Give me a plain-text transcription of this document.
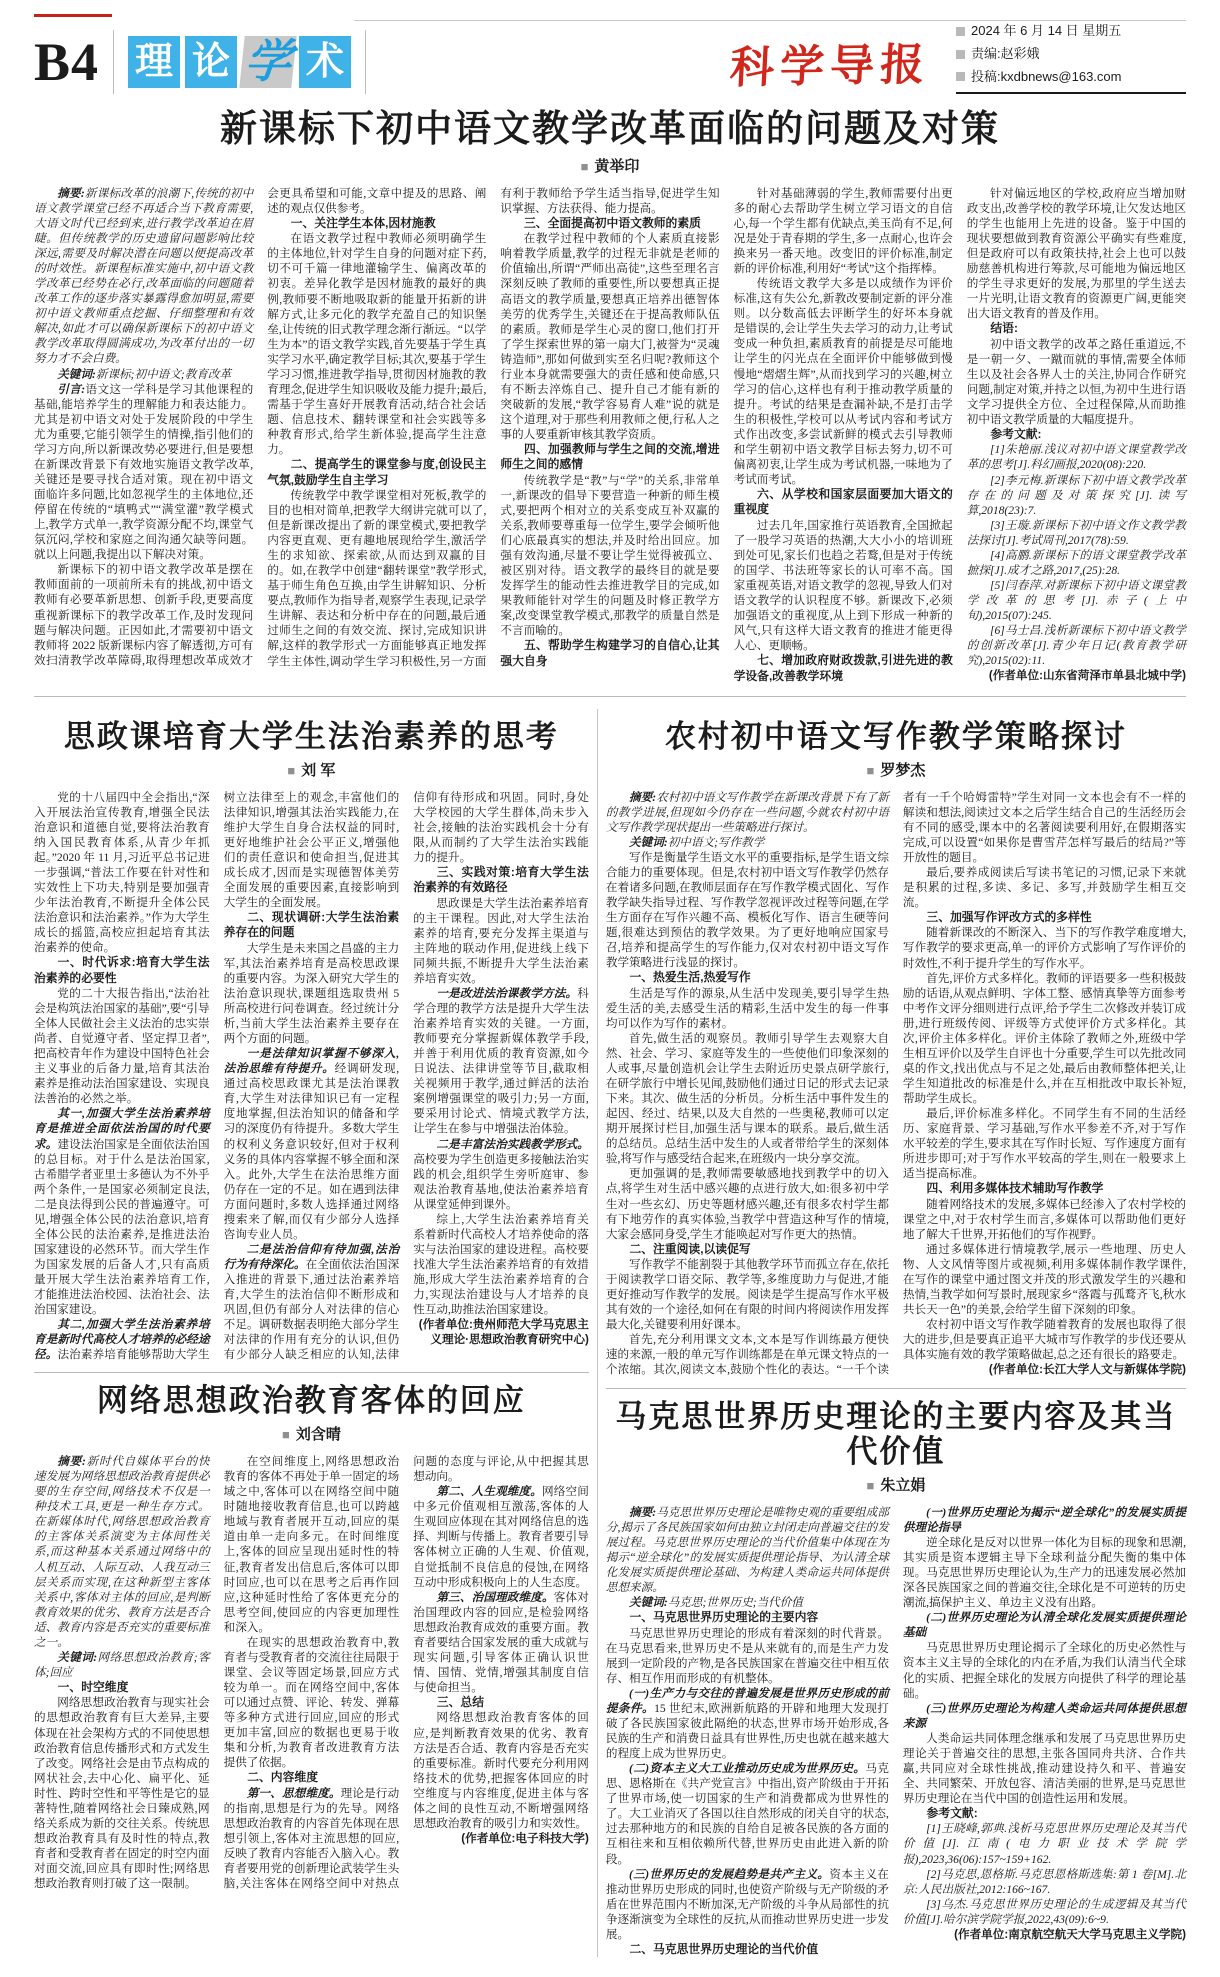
B4 理 论 学 术	科学导报
2024 年 6 月 14 日 星期五
责编:赵彩娥
投稿:kxdbnews@163.com
新课标下初中语文教学改革面临的问题及对策
■ 黄举印

摘要:新课标改革的浪潮下,传统的初中语文教学课堂已经不再适合当下教育需要,大语文时代已经到来,进行教学改革迫在眉睫。但传统教学的历史遗留问题影响比较深远,需要及时解决潜在问题以便提高改革的时效性。新课程标准实施中,初中语文教学改革已经势在必行,改革面临的问题随着改革工作的逐步落实暴露得愈加明显,需要初中语文教师重点挖掘、仔细整理和有效解决,如此才可以确保新课标下的初中语文教学改革取得圆满成功,为改革付出的一切努力才不会白费。

关键词:新课标;初中语文;教育改革

引言:语文这一学科是学习其他课程的基础,能培养学生的理解能力和表达能力。尤其是初中语文对处于发展阶段的中学生尤为重要,它能引领学生的情操,指引他们的学习方向,所以新课改势必要进行,但是要想在新课改背景下有效地实施语文教学改革,关键还是要寻找合适对策。现在初中语文面临许多问题,比如忽视学生的主体地位,还停留在传统的“填鸭式”“满堂灌”教学模式上,教学方式单一,教学资源分配不均,课堂气氛沉闷,学校和家庭之间沟通欠缺等问题。就以上问题,我提出以下解决对策。

新课标下的初中语文教学改革是摆在教师面前的一项前所未有的挑战,初中语文教师有必要革新思想、创新手段,更要高度重视新课标下的教学改革工作,及时发现问题与解决问题。正因如此,才需要初中语文教师将 2022 版新课标内容了解透彻,方可有效扫清教学改革障碍,取得理想改革成效才会更具希望和可能,文章中提及的思路、阐述的观点仅供参考。

一、关注学生本体,因材施教

在语文教学过程中教师必须明确学生的主体地位,针对学生自身的问题对症下药,切不可千篇一律地灌输学生、偏离改革的初衷。差异化教学是因材施教的最好的典例,教师要不断地吸取新的能量开拓新的讲解方式,让多元化的教学充盈自己的知识堡垒,让传统的旧式教学理念渐行渐远。“以学生为本”的语文教学实践,首先要基于学生真实学习水平,确定教学目标;其次,要基于学生学习习惯,推进教学指导,贯彻因材施教的教育理念,促进学生知识吸收及能力提升;最后,需基于学生喜好开展教育活动,结合社会话题、信息技术、翻转课堂和社会实践等多种教育形式,给学生新体验,提高学生注意力。

二、提高学生的课堂参与度,创设民主气氛,鼓励学生自主学习

传统教学中教学课堂相对死板,教学的目的也相对简单,把教学大纲讲完就可以了,但是新课改提出了新的课堂模式,要把教学内容更直观、更有趣地展现给学生,激活学生的求知欲、探索欲,从而达到双赢的目的。如,在教学中创建“翻转课堂”教学形式,基于师生角色互换,由学生讲解知识、分析要点,教师作为指导者,观察学生表现,记录学生讲解、表达和分析中存在的问题,最后通过师生之间的有效交流、探讨,完成知识讲解,这样的教学形式一方面能够真正地发挥学生主体性,调动学生学习积极性,另一方面有利于教师给予学生适当指导,促进学生知识掌握、方法获得、能力提高。

三、全面提高初中语文教师的素质

在教学过程中教师的个人素质直接影响着教学质量,教学的过程无非就是老师的价值输出,所谓“严师出高徒”,这些至理名言深刻反映了教师的重要性,所以要想真正提高语文的教学质量,要想真正培养出德智体美劳的优秀学生,关键还在于提高教师队伍的素质。教师是学生心灵的窗口,他们打开了学生探索世界的第一扇大门,被誉为“灵魂铸造师”,那如何做到实至名归呢?教师这个行业本身就需要强大的责任感和使命感,只有不断去淬炼自己、提升自己才能有新的突破新的发展,“教学容易育人难”说的就是这个道理,对于那些利用教师之便,行私人之事的人要重新审核其教学资质。

四、加强教师与学生之间的交流,增进师生之间的感情

传统教学是“教”与“学”的关系,非常单一,新课改的倡导下要营造一种新的师生模式,要把两个相对立的关系变成互补双赢的关系,教师要尊重每一位学生,要学会倾听他们心底最真实的想法,并及时给出回应。加强有效沟通,尽量不要让学生觉得被孤立、被区别对待。语文教学的最终目的就是要发挥学生的能动性去推进教学目的完成,如果教师能针对学生的问题及时修正教学方案,改变课堂教学模式,那教学的质量自然是不言而喻的。

五、帮助学生构建学习的自信心,让其强大自身

针对基础薄弱的学生,教师需要付出更多的耐心去帮助学生树立学习语文的自信心,每一个学生都有优缺点,美玉尚有不足,何况是处于青春期的学生,多一点耐心,也许会换来另一番天地。改变旧的评价标准,制定新的评价标准,利用好“考试”这个指挥棒。

传统语文教学大多是以成绩作为评价标准,这有失公允,新教改要制定新的评分准则。以分数高低去评断学生的好坏本身就是错误的,会让学生失去学习的动力,让考试变成一种负担,素质教育的前提是尽可能地让学生的闪光点在全面评价中能够做到慢慢地“熠熠生辉”,从而找到学习的兴趣,树立学习的信心,这样也有利于推动教学质量的提升。考试的结果是查漏补缺,不是打击学生的积极性,学校可以从考试内容和考试方式作出改变,多尝试新鲜的模式去引导教师和学生朝初中语文教学目标去努力,切不可偏离初衷,让学生成为考试机器,一味地为了考试而考试。

六、从学校和国家层面要加大语文的重视度

过去几年,国家推行英语教育,全国掀起了一股学习英语的热潮,大大小小的培训班到处可见,家长们也趋之若鹜,但是对于传统的国学、书法班等家长的认可率不高。国家重视英语,对语文教学的忽视,导致人们对语文教学的认识程度不够。新课改下,必须加强语文的重视度,从上到下形成一种新的风气,只有这样大语文教育的推进才能更得人心、更顺畅。

七、增加政府财政拨款,引进先进的教学设备,改善教学环境

针对偏远地区的学校,政府应当增加财政支出,改善学校的教学环境,让欠发达地区的学生也能用上先进的设备。鉴于中国的现状要想做到教育资源公平确实有些难度,但是政府可以有政策扶持,社会上也可以鼓励慈善机构进行筹款,尽可能地为偏远地区的学生寻求更好的发展,为那里的学生送去一片光明,让语文教育的资源更广阔,更能突出大语文教育的普及作用。

结语:

初中语文教学的改革之路任重道远,不是一朝一夕、一蹴而就的事情,需要全体师生以及社会各界人士的关注,协同合作研究问题,制定对策,并持之以恒,为初中生进行语文学习提供全方位、全过程保障,从而助推初中语文教学质量的大幅度提升。

参考文献:

[1]朱艳丽.浅议对初中语文课堂教学改革的思考[J].科幻画报,2020(08):220.

[2]李元梅.新课标下初中语文教学改革存在的问题及对策探究[J].读写算,2018(23):7.

[3]王璇.新课标下初中语文作文教学教法探讨[J].考试周刊,2017(78):59.

[4]高鹏.新课标下的语文课堂教学改革摭探[J].成才之路,2017,(25):28.

[5]闫春萍.对新课标下初中语文课堂教学改革的思考[J].赤子(上中旬),2015(07):245.

[6]马士昌.浅析新课标下初中语文教学的创新改革[J].青少年日记(教育教学研究),2015(02):11.

(作者单位:山东省菏泽市单县北城中学)

思政课培育大学生法治素养的思考
■ 刘 军

党的十八届四中全会指出,“深入开展法治宣传教育,增强全民法治意识和道德自觉,要将法治教育纳入国民教育体系,从青少年抓起。”2020 年 11 月,习近平总书记进一步强调,“普法工作要在针对性和实效性上下功夫,特别是要加强青少年法治教育,不断提升全体公民法治意识和法治素养。”作为大学生成长的摇篮,高校应担起培育其法治素养的使命。

一、时代诉求:培育大学生法治素养的必要性

党的二十大报告指出,“法治社会是构筑法治国家的基础”,要“引导全体人民做社会主义法治的忠实崇尚者、自觉遵守者、坚定捍卫者”,把高校青年作为建设中国特色社会主义事业的后备力量,培育其法治素养是推动法治国家建设、实现良法善治的必然之举。

其一,加强大学生法治素养培育是推进全面依法治国的时代要求。建设法治国家是全面依法治国的总目标。对于什么是法治国家,古希腊学者亚里士多德认为不外乎两个条件,一是国家必须制定良法,二是良法得到公民的普遍遵守。可见,增强全体公民的法治意识,培育全体公民的法治素养,是推进法治国家建设的必然环节。而大学生作为国家发展的后备人才,只有高质量开展大学生法治素养培育工作,才能推进法治校园、法治社会、法治国家建设。

其二,加强大学生法治素养培育是新时代高校人才培养的必经途径。法治素养培育能够帮助大学生树立法律至上的观念,丰富他们的法律知识,增强其法治实践能力,在维护大学生自身合法权益的同时,更好地维护社会公平正义,增强他们的责任意识和使命担当,促进其成长成才,因而是实现德智体美劳全面发展的重要因素,直接影响到大学生的全面发展。

二、现状调研:大学生法治素养存在的问题

大学生是未来国之昌盛的主力军,其法治素养培育是高校思政课的重要内容。为深入研究大学生的法治意识现状,课题组选取贵州 5 所高校进行问卷调查。经过统计分析,当前大学生法治素养主要存在两个方面的问题。

一是法律知识掌握不够深入,法治思维有待提升。经调研发现,通过高校思政课尤其是法治课教育,大学生对法律知识已有一定程度地掌握,但法治知识的储备和学习的深度仍有待提升。多数大学生的权利义务意识较好,但对于权利义务的具体内容掌握不够全面和深入。此外,大学生在法治思维方面仍存在一定的不足。如在遇到法律方面问题时,多数人选择通过网络搜索来了解,而仅有少部分人选择咨询专业人员。

二是法治信仰有待加强,法治行为有待深化。在全面依法治国深入推进的背景下,通过法治素养培育,大学生的法治信仰不断形成和巩固,但仍有部分人对法律的信心不足。调研数据表明绝大部分学生对法律的作用有充分的认识,但仍有少部分人缺乏相应的认知,法律信仰有待形成和巩固。同时,身处大学校园的大学生群体,尚未步入社会,接触的法治实践机会十分有限,从而制约了大学生法治实践能力的提升。

三、实践对策:培育大学生法治素养的有效路径

思政课是大学生法治素养培育的主干课程。因此,对大学生法治素养的培育,要充分发挥主渠道与主阵地的联动作用,促进线上线下同频共振,不断提升大学生法治素养培育实效。

一是改进法治课教学方法。科学合理的教学方法是提升大学生法治素养培育实效的关键。一方面,教师要充分掌握新媒体教学手段,并善于利用优质的教育资源,如今日说法、法律讲堂等节目,截取相关视频用于教学,通过鲜活的法治案例增强课堂的吸引力;另一方面,要采用讨论式、情境式教学方法,让学生在参与中增强法治体验。

二是丰富法治实践教学形式。高校要为学生创造更多接触法治实践的机会,组织学生旁听庭审、参观法治教育基地,使法治素养培育从课堂延伸到课外。

综上,大学生法治素养培育关系着新时代高校人才培养使命的落实与法治国家的建设进程。高校要找准大学生法治素养培育的有效措施,形成大学生法治素养培育的合力,实现法治建设与人才培养的良性互动,助推法治国家建设。

(作者单位:贵州师范大学马克思主义理论·思想政治教育研究中心)

网络思想政治教育客体的回应
■ 刘含晴

摘要:新时代自媒体平台的快速发展为网络思想政治教育提供必要的生存空间,网络技术不仅是一种技术工具,更是一种生存方式。在新媒体时代,网络思想政治教育的主客体关系演变为主体间性关系,而这种基本关系通过网络中的人机互动、人际互动、人我互动三层关系而实现,在这种新型主客体关系中,客体对主体的回应,是判断教育效果的优劣、教育方法是否合适、教育内容是否充实的重要标准之一。

关键词:网络思想政治教育;客体;回应

一、时空维度

网络思想政治教育与现实社会的思想政治教育有巨大差异,主要体现在社会架构方式的不同使思想政治教育信息传播形式和方式发生了改变。网络社会是由节点构成的网状社会,去中心化、扁平化、延时性、跨时空性和平等性是它的显著特性,随着网络社会日臻成熟,网络关系成为新的交往关系。传统思想政治教育具有及时性的特点,教育者和受教育者在固定的时空内面对面交流,回应具有即时性;网络思想政治教育则打破了这一限制。

在空间维度上,网络思想政治教育的客体不再处于单一固定的场域之中,客体可以在网络空间中随时随地接收教育信息,也可以跨越地域与教育者展开互动,回应的渠道由单一走向多元。在时间维度上,客体的回应呈现出延时性的特征,教育者发出信息后,客体可以即时回应,也可以在思考之后再作回应,这种延时性给了客体更充分的思考空间,使回应的内容更加理性和深入。

在现实的思想政治教育中,教育者与受教育者的交流往往局限于课堂、会议等固定场景,回应方式较为单一。而在网络空间中,客体可以通过点赞、评论、转发、弹幕等多种方式进行回应,回应的形式更加丰富,回应的数据也更易于收集和分析,为教育者改进教育方法提供了依据。

二、内容维度

第一、思想维度。理论是行动的指南,思想是行为的先导。网络思想政治教育的内容首先体现在思想引领上,客体对主流思想的回应,反映了教育内容能否入脑入心。教育者要用党的创新理论武装学生头脑,关注客体在网络空间中对热点问题的态度与评论,从中把握其思想动向。

第二、人生观维度。网络空间中多元价值观相互激荡,客体的人生观回应体现在其对网络信息的选择、判断与传播上。教育者要引导客体树立正确的人生观、价值观,自觉抵制不良信息的侵蚀,在网络互动中形成积极向上的人生态度。

第三、治国理政维度。客体对治国理政内容的回应,是检验网络思想政治教育成效的重要方面。教育者要结合国家发展的重大成就与现实问题,引导客体正确认识世情、国情、党情,增强其制度自信与使命担当。

三、总结

网络思想政治教育客体的回应,是判断教育效果的优劣、教育方法是否合适、教育内容是否充实的重要标准。新时代要充分利用网络技术的优势,把握客体回应的时空维度与内容维度,促进主体与客体之间的良性互动,不断增强网络思想政治教育的吸引力和实效性。

(作者单位:电子科技大学)

农村初中语文写作教学策略探讨
■ 罗梦杰

摘要:农村初中语文写作教学在新课改背景下有了新的教学进展,但现如今仍存在一些问题,今就农村初中语文写作教学现状提出一些策略进行探讨。

关键词:初中语文;写作教学

写作是衡量学生语文水平的重要指标,是学生语文综合能力的重要体现。但是,农村初中语文写作教学仍然存在着诸多问题,在教师层面存在写作教学模式固化、写作教学缺失指导过程、写作教学忽视评改过程等问题,在学生方面存在写作兴趣不高、模板化写作、语言生硬等问题,很难达到预估的教学效果。为了更好地响应国家号召,培养和提高学生的写作能力,仅对农村初中语文写作教学策略进行浅显的探讨。

一、热爱生活,热爱写作

生活是写作的源泉,从生活中发现美,要引导学生热爱生活的美,去感受生活的精彩,生活中发生的每一件事均可以作为写作的素材。

首先,做生活的观察员。教师引导学生去观察大自然、社会、学习、家庭等发生的一些使他们印象深刻的人或事,尽量创造机会让学生去附近历史景点研学旅行,在研学旅行中增长见闻,鼓励他们通过日记的形式去记录下来。其次、做生活的分析员。分析生活中事件发生的起因、经过、结果,以及大自然的一些奥秘,教师可以定期开展探讨栏目,加强生活与课本的联系。最后,做生活的总结员。总结生活中发生的人或者带给学生的深刻体验,将写作与感受结合起来,在班级内一块分享交流。

更加强调的是,教师需要敏感地找到教学中的切入点,将学生对生活中感兴趣的点进行放大,如:很多初中学生对一些玄幻、历史等题材感兴趣,还有很多农村学生都有下地劳作的真实体验,当教学中营造这种写作的情境,大家会感同身受,学生才能唤起对写作更大的热情。

二、注重阅读,以读促写

写作教学不能割裂于其他教学环节而孤立存在,依托于阅读教学口语交际、教学等,多维度助力与促进,才能更好推动写作教学的发展。阅读是学生提高写作水平极其有效的一个途径,如何在有限的时间内将阅读作用发挥最大化,关键要利用好课本。

首先,充分利用课文文本,文本是写作训练最方便快速的来源,一般的单元写作训练都是在单元课文特点的一个浓缩。其次,阅读文本,鼓励个性化的表达。“一千个读者有一千个哈姆雷特”学生对同一文本也会有不一样的解读和想法,阅读过文本之后学生结合自己的生活经历会有不同的感受,课本中的名著阅读要利用好,在假期落实完成,可以设置“如果你是曹雪芹怎样写最后的结局?”等开放性的题目。

最后,要养成阅读后写读书笔记的习惯,记录下来就是积累的过程,多读、多记、多写,并鼓励学生相互交流。

三、加强写作评改方式的多样性

随着新课改的不断深入、当下的写作教学难度增大,写作教学的要求更高,单一的评价方式影响了写作评价的时效性,不利于提升学生的写作水平。

首先,评价方式多样化。教师的评语要多一些积极鼓励的话语,从观点鲜明、字体工整、感情真挚等方面参考中考作文评分细则进行点评,给予学生二次修改并装订成册,进行班级传阅、评级等方式使评价方式多样化。其次,评价主体多样化。评价主体除了教师之外,班级中学生相互评价以及学生自评也十分重要,学生可以先批改同桌的作文,找出优点与不足之处,最后由教师整体把关,让学生知道批改的标准是什么,并在互相批改中取长补短,帮助学生成长。

最后,评价标准多样化。不同学生有不同的生活经历、家庭背景、学习基础,写作水平参差不齐,对于写作水平较差的学生,要求其在写作时长短、写作速度方面有所进步即可;对于写作水平较高的学生,则在一般要求上适当提高标准。

四、利用多媒体技术辅助写作教学

随着网络技术的发展,多媒体已经渗入了农村学校的课堂之中,对于农村学生而言,多媒体可以帮助他们更好地了解大千世界,开拓他们的写作视野。

通过多媒体进行情境教学,展示一些地理、历史人物、人文风情等图片或视频,利用多媒体制作教学课件,在写作的课堂中通过图文并茂的形式激发学生的兴趣和热情,当教学如何写景时,展现家乡“落霞与孤鹜齐飞,秋水共长天一色”的美景,会给学生留下深刻的印象。

农村初中语文写作教学随着教育的发展也取得了很大的进步,但是要真正追平大城市写作教学的步伐还要从具体实施有效的教学策略做起,总之还有很长的路要走。

(作者单位:长江大学人文与新媒体学院)

马克思世界历史理论的主要内容及其当代价值
■ 朱立娟

摘要:马克思世界历史理论是唯物史观的重要组成部分,揭示了各民族国家如何由独立封闭走向普遍交往的发展过程。马克思世界历史理论的当代价值集中体现在为揭示“逆全球化”的发展实质提供理论指导、为认清全球化发展实质提供理论基础、为构建人类命运共同体提供思想来源。

关键词:马克思;世界历史;当代价值

一、马克思世界历史理论的主要内容

马克思世界历史理论的形成有着深刻的时代背景。在马克思看来,世界历史不是从来就有的,而是生产力发展到一定阶段的产物,是各民族国家在普遍交往中相互依存、相互作用而形成的有机整体。

(一)生产力与交往的普遍发展是世界历史形成的前提条件。15 世纪末,欧洲新航路的开辟和地理大发现打破了各民族国家彼此隔绝的状态,世界市场开始形成,各民族的生产和消费日益具有世界性,历史也就在越来越大的程度上成为世界历史。

(二)资本主义大工业推动历史成为世界历史。马克思、恩格斯在《共产党宣言》中指出,资产阶级由于开拓了世界市场,使一切国家的生产和消费都成为世界性的了。大工业消灭了各国以往自然形成的闭关自守的状态,过去那种地方的和民族的自给自足被各民族的各方面的互相往来和互相依赖所代替,世界历史由此进入新的阶段。

(三)世界历史的发展趋势是共产主义。资本主义在推动世界历史形成的同时,也使资产阶级与无产阶级的矛盾在世界范围内不断加深,无产阶级的斗争从局部性的抗争逐渐演变为全球性的反抗,从而推动世界历史进一步发展。

二、马克思世界历史理论的当代价值

(一)世界历史理论为揭示“逆全球化”的发展实质提供理论指导

逆全球化是反对以世界一体化为目标的现象和思潮,其实质是资本逻辑主导下全球利益分配失衡的集中体现。马克思世界历史理论认为,生产力的迅速发展必然加深各民族国家之间的普遍交往,全球化是不可逆转的历史潮流,搞保护主义、单边主义没有出路。

(二)世界历史理论为认清全球化发展实质提供理论基础

马克思世界历史理论揭示了全球化的历史必然性与资本主义主导的全球化的内在矛盾,为我们认清当代全球化的实质、把握全球化的发展方向提供了科学的理论基础。

(三)世界历史理论为构建人类命运共同体提供思想来源

人类命运共同体理念继承和发展了马克思世界历史理论关于普遍交往的思想,主张各国同舟共济、合作共赢,共同应对全球性挑战,推动建设持久和平、普遍安全、共同繁荣、开放包容、清洁美丽的世界,是马克思世界历史理论在当代中国的创造性运用和发展。

参考文献:

[1]王晓峰,郭典.浅析马克思世界历史理论及其当代价值[J].江南(电力职业技术学院学报),2023,36(06):157~159+162.

[2]马克思,恩格斯.马克思恩格斯选集:第 1 卷[M].北京:人民出版社,2012:166~167.

[3]乌杰.马克思世界历史理论的生成逻辑及其当代价值[J].哈尔滨学院学报,2022,43(09):6~9.

(作者单位:南京航空航天大学马克思主义学院)
